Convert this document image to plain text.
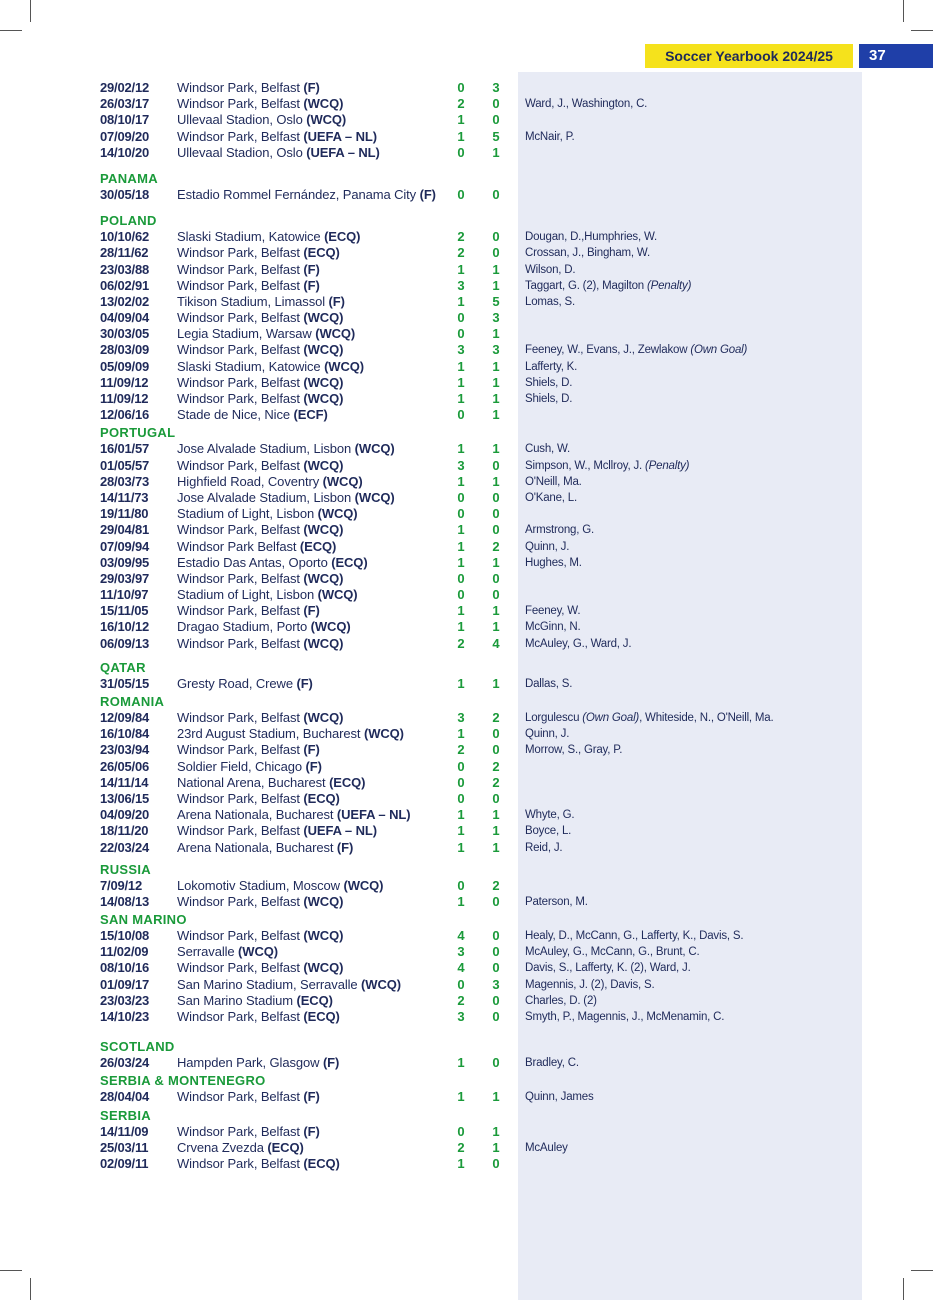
Soccer Yearbook 2024/25	37
29/02/12	Windsor Park, Belfast (F)	0 3
26/03/17	Windsor Park, Belfast (WCQ)	2 0 Ward, J., Washington, C.
08/10/17	Ullevaal Stadion, Oslo (WCQ)	1 0
07/09/20	Windsor Park, Belfast (UEFA – NL)	1 5 McNair, P.
14/10/20	Ullevaal Stadion, Oslo (UEFA – NL)	0 1
PANAMA
30/05/18	Estadio Rommel Fernández, Panama City (F)	0 0
POLAND
10/10/62	Slaski Stadium, Katowice (ECQ)	2 0 Dougan, D.,Humphries, W.
28/11/62	Windsor Park, Belfast (ECQ)	2 0 Crossan, J., Bingham, W.
23/03/88	Windsor Park, Belfast (F)	1 1 Wilson, D.
06/02/91	Windsor Park, Belfast (F)	3 1 Taggart, G. (2), Magilton (Penalty)
13/02/02	Tikison Stadium, Limassol (F)	1 5 Lomas, S.
04/09/04	Windsor Park, Belfast (WCQ)	0 3
30/03/05	Legia Stadium, Warsaw (WCQ)	0 1
28/03/09	Windsor Park, Belfast (WCQ)	3 3 Feeney, W., Evans, J., Zewlakow (Own Goal)
05/09/09	Slaski Stadium, Katowice (WCQ)	1 1 Lafferty, K.
11/09/12	Windsor Park, Belfast (WCQ)	1 1 Shiels, D.
11/09/12	Windsor Park, Belfast (WCQ)	1 1 Shiels, D.
12/06/16	Stade de Nice, Nice (ECF)	0 1
PORTUGAL
16/01/57	Jose Alvalade Stadium, Lisbon (WCQ)	1 1 Cush, W.
01/05/57	Windsor Park, Belfast (WCQ)	3 0 Simpson, W., Mcllroy, J. (Penalty)
28/03/73	Highfield Road, Coventry (WCQ)	1 1 O'Neill, Ma.
14/11/73	Jose Alvalade Stadium, Lisbon (WCQ)	0 0 O'Kane, L.
19/11/80	Stadium of Light, Lisbon (WCQ)	0 0
29/04/81	Windsor Park, Belfast (WCQ)	1 0 Armstrong, G.
07/09/94	Windsor Park Belfast (ECQ)	1 2 Quinn, J.
03/09/95	Estadio Das Antas, Oporto (ECQ)	1 1 Hughes, M.
29/03/97	Windsor Park, Belfast (WCQ)	0 0
11/10/97	Stadium of Light, Lisbon (WCQ)	0 0
15/11/05	Windsor Park, Belfast (F)	1 1 Feeney, W.
16/10/12	Dragao Stadium, Porto (WCQ)	1 1 McGinn, N.
06/09/13	Windsor Park, Belfast (WCQ)	2 4 McAuley, G., Ward, J.
QATAR
31/05/15	Gresty Road, Crewe (F)	1 1 Dallas, S.
ROMANIA
12/09/84	Windsor Park, Belfast (WCQ)	3 2 Lorgulescu (Own Goal), Whiteside, N., O'Neill, Ma.
16/10/84	23rd August Stadium, Bucharest (WCQ)	1 0 Quinn, J.
23/03/94	Windsor Park, Belfast (F)	2 0 Morrow, S., Gray, P.
26/05/06	Soldier Field, Chicago (F)	0 2
14/11/14	National Arena, Bucharest (ECQ)	0 2
13/06/15	Windsor Park, Belfast (ECQ)	0 0
04/09/20	Arena Nationala, Bucharest (UEFA – NL)	1 1 Whyte, G.
18/11/20	Windsor Park, Belfast (UEFA – NL)	1 1 Boyce, L.
22/03/24	Arena Nationala, Bucharest (F)	1 1 Reid, J.
RUSSIA
7/09/12	Lokomotiv Stadium, Moscow (WCQ)	0 2
14/08/13	Windsor Park, Belfast (WCQ)	1 0 Paterson, M.
SAN MARINO
15/10/08	Windsor Park, Belfast (WCQ)	4 0 Healy, D., McCann, G., Lafferty, K., Davis, S.
11/02/09	Serravalle (WCQ)	3 0 McAuley, G., McCann, G., Brunt, C.
08/10/16	Windsor Park, Belfast (WCQ)	4 0 Davis, S., Lafferty, K. (2), Ward, J.
01/09/17	San Marino Stadium, Serravalle (WCQ)	0 3 Magennis, J. (2), Davis, S.
23/03/23	San Marino Stadium (ECQ)	2 0 Charles, D. (2)
14/10/23	Windsor Park, Belfast (ECQ)	3 0 Smyth, P., Magennis, J., McMenamin, C.
SCOTLAND
26/03/24	Hampden Park, Glasgow (F)	1 0 Bradley, C.
SERBIA & MONTENEGRO
28/04/04	Windsor Park, Belfast (F)	1 1 Quinn, James
SERBIA
14/11/09	Windsor Park, Belfast (F)	0 1
25/03/11	Crvena Zvezda (ECQ)	2 1 McAuley
02/09/11	Windsor Park, Belfast (ECQ)	1 0
